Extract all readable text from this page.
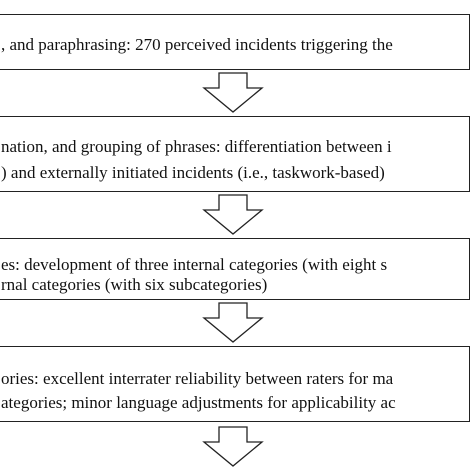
, and paraphrasing: 270 perceived incidents triggering the
nation, and grouping of phrases: differentiation between i
) and externally initiated incidents (i.e., taskwork-based)
es: development of three internal categories (with eight s
rnal categories (with six subcategories)
ories: excellent interrater reliability between raters for ma
ategories; minor language adjustments for applicability ac
